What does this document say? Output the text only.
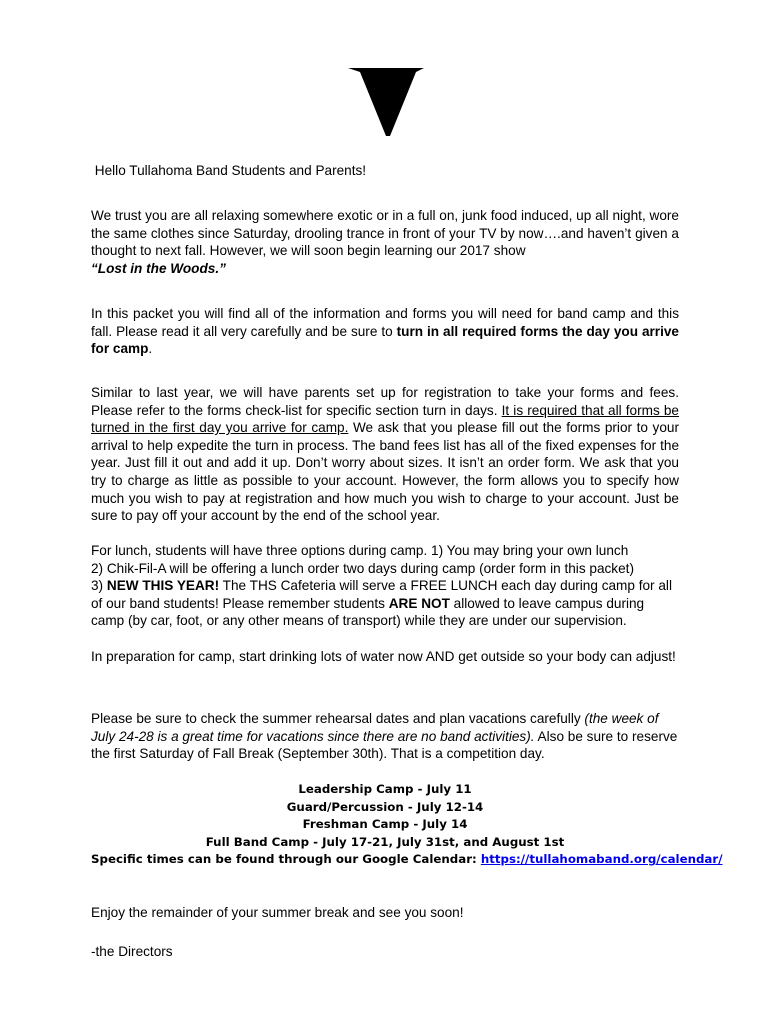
Hello Tullahoma Band Students and Parents!

We trust you are all relaxing somewhere exotic or in a full on, junk food induced, up all night, wore the same clothes since Saturday, drooling trance in front of your TV by now….and haven’t given a thought to next fall. However, we will soon begin learning our 2017 show
“Lost in the Woods.”

In this packet you will find all of the information and forms you will need for band camp and this fall. Please read it all very carefully and be sure to turn in all required forms the day you arrive for camp.

Similar to last year, we will have parents set up for registration to take your forms and fees. Please refer to the forms check-list for specific section turn in days. It is required that all forms be turned in the first day you arrive for camp. We ask that you please fill out the forms prior to your arrival to help expedite the turn in process. The band fees list has all of the fixed expenses for the year. Just fill it out and add it up. Don’t worry about sizes. It isn’t an order form. We ask that you try to charge as little as possible to your account. However, the form allows you to specify how much you wish to pay at registration and how much you wish to charge to your account. Just be sure to pay off your account by the end of the school year.

For lunch, students will have three options during camp. 1) You may bring your own lunch
2) Chik-Fil-A will be offering a lunch order two days during camp (order form in this packet)
3) NEW THIS YEAR! The THS Cafeteria will serve a FREE LUNCH each day during camp for all of our band students! Please remember students ARE NOT allowed to leave campus during camp (by car, foot, or any other means of transport) while they are under our supervision.

In preparation for camp, start drinking lots of water now AND get outside so your body can adjust!

Please be sure to check the summer rehearsal dates and plan vacations carefully (the week of July 24-28 is a great time for vacations since there are no band activities). Also be sure to reserve the first Saturday of Fall Break (September 30th). That is a competition day.

Leadership Camp - July 11
Guard/Percussion - July 12-14
Freshman Camp - July 14
Full Band Camp - July 17-21, July 31st, and August 1st
Specific times can be found through our Google Calendar: https://tullahomaband.org/calendar/

Enjoy the remainder of your summer break and see you soon!

-the Directors
